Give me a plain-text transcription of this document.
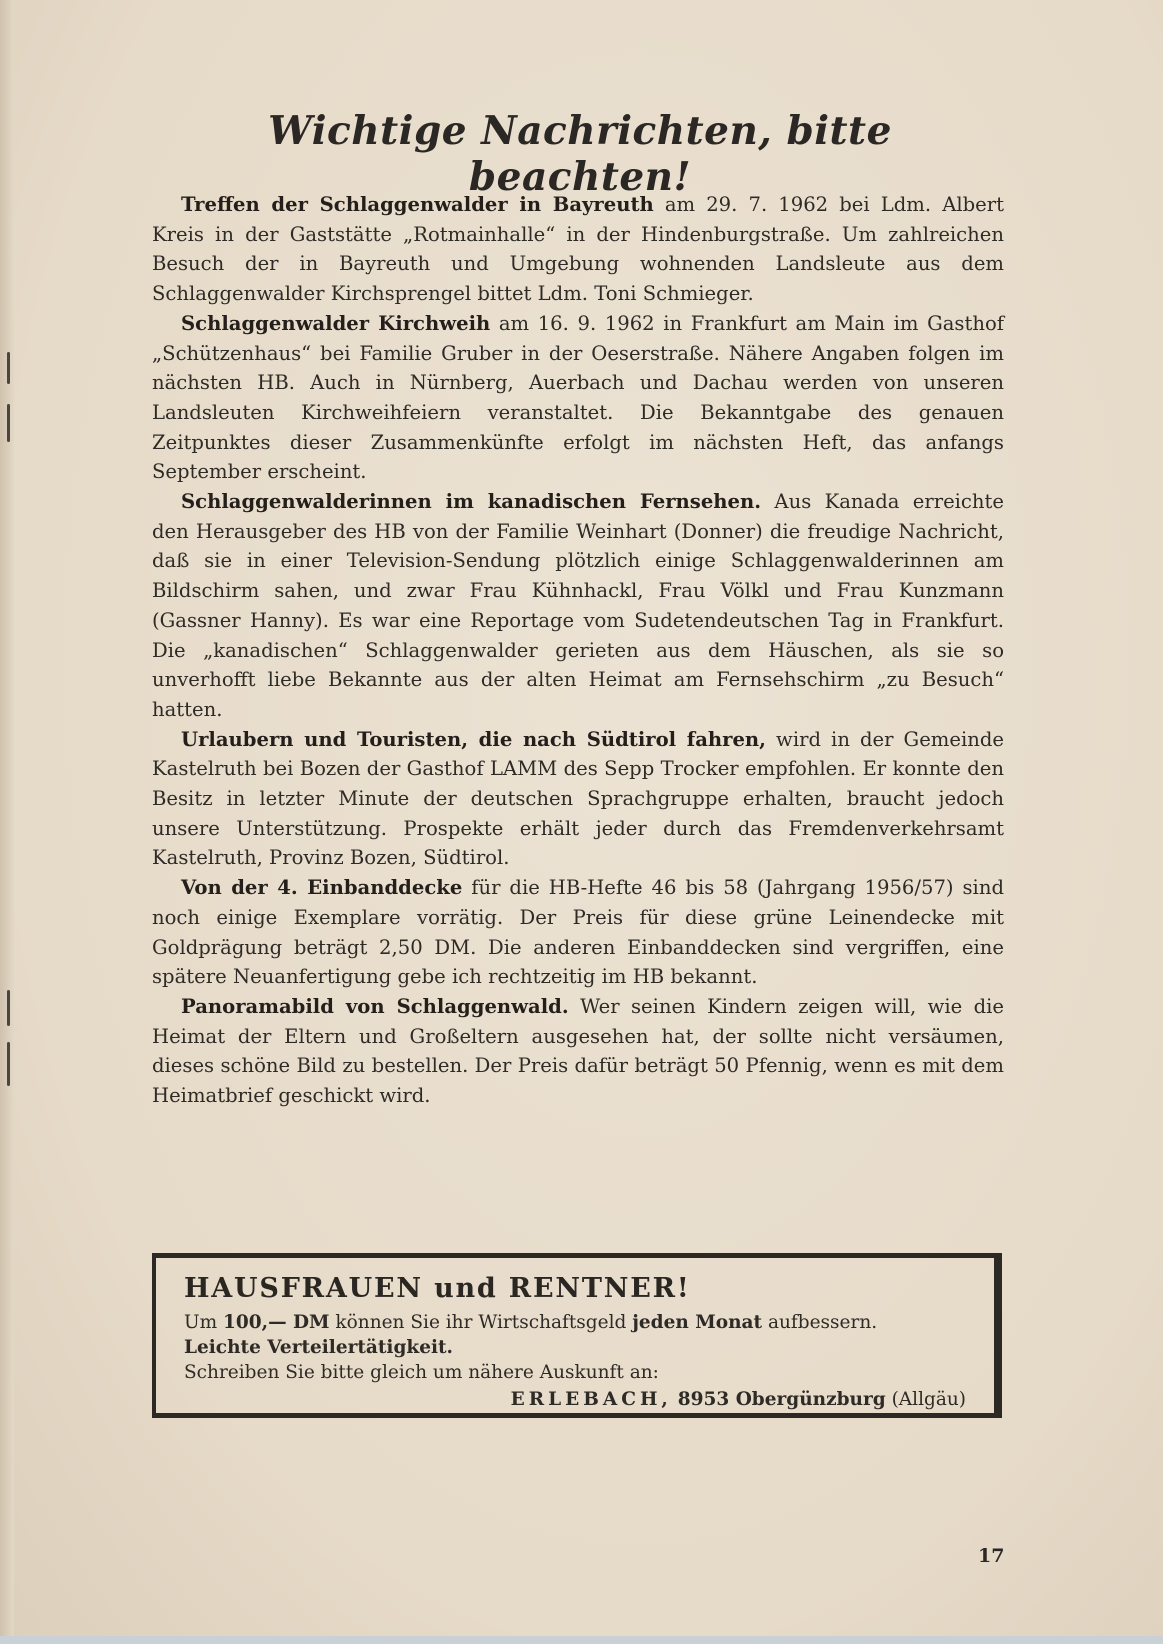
Wichtige Nachrichten, bitte beachten!

Treffen der Schlaggenwalder in Bayreuth am 29. 7. 1962 bei Ldm. Albert Kreis in der Gaststätte „Rotmainhalle“ in der Hindenburgstraße. Um zahlreichen Besuch der in Bayreuth und Umgebung wohnenden Landsleute aus dem Schlaggenwalder Kirchsprengel bittet Ldm. Toni Schmieger.

Schlaggenwalder Kirchweih am 16. 9. 1962 in Frankfurt am Main im Gasthof „Schützenhaus“ bei Familie Gruber in der Oeserstraße. Nähere Angaben folgen im nächsten HB. Auch in Nürnberg, Auerbach und Dachau werden von unseren Landsleuten Kirchweihfeiern veranstaltet. Die Bekanntgabe des genauen Zeitpunktes dieser Zusammenkünfte erfolgt im nächsten Heft, das anfangs September erscheint.

Schlaggenwalderinnen im kanadischen Fernsehen. Aus Kanada erreichte den Herausgeber des HB von der Familie Weinhart (Donner) die freudige Nachricht, daß sie in einer Television-Sendung plötzlich einige Schlaggenwalderinnen am Bildschirm sahen, und zwar Frau Kühnhackl, Frau Völkl und Frau Kunzmann (Gassner Hanny). Es war eine Reportage vom Sudetendeutschen Tag in Frankfurt. Die „kanadischen“ Schlaggenwalder gerieten aus dem Häuschen, als sie so unverhofft liebe Bekannte aus der alten Heimat am Fernsehschirm „zu Besuch“ hatten.

Urlaubern und Touristen, die nach Südtirol fahren, wird in der Gemeinde Kastelruth bei Bozen der Gasthof LAMM des Sepp Trocker empfohlen. Er konnte den Besitz in letzter Minute der deutschen Sprachgruppe erhalten, braucht jedoch unsere Unterstützung. Prospekte erhält jeder durch das Fremdenverkehrsamt Kastelruth, Provinz Bozen, Südtirol.

Von der 4. Einbanddecke für die HB-Hefte 46 bis 58 (Jahrgang 1956/57) sind noch einige Exemplare vorrätig. Der Preis für diese grüne Leinendecke mit Goldprägung beträgt 2,50 DM. Die anderen Einbanddecken sind vergriffen, eine spätere Neuanfertigung gebe ich rechtzeitig im HB bekannt.

Panoramabild von Schlaggenwald. Wer seinen Kindern zeigen will, wie die Heimat der Eltern und Großeltern ausgesehen hat, der sollte nicht versäumen, dieses schöne Bild zu bestellen. Der Preis dafür beträgt 50 Pfennig, wenn es mit dem Heimatbrief geschickt wird.

HAUSFRAUEN und RENTNER!

Um 100,— DM können Sie ihr Wirtschaftsgeld jeden Monat aufbessern.

Leichte Verteilertätigkeit.

Schreiben Sie bitte gleich um nähere Auskunft an:

ERLEBACH, 8953 Obergünzburg (Allgäu)
17
